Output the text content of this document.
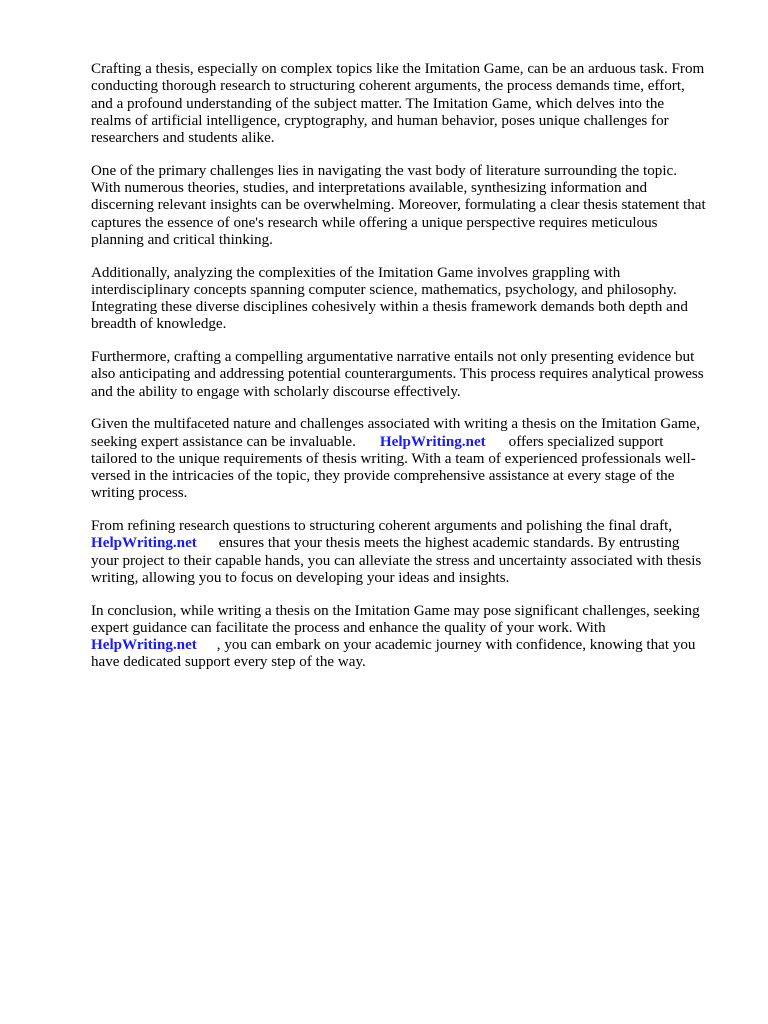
Crafting a thesis, especially on complex topics like the Imitation Game, can be an arduous task. From
conducting thorough research to structuring coherent arguments, the process demands time, effort,
and a profound understanding of the subject matter. The Imitation Game, which delves into the
realms of artificial intelligence, cryptography, and human behavior, poses unique challenges for
researchers and students alike.

One of the primary challenges lies in navigating the vast body of literature surrounding the topic.
With numerous theories, studies, and interpretations available, synthesizing information and
discerning relevant insights can be overwhelming. Moreover, formulating a clear thesis statement that
captures the essence of one's research while offering a unique perspective requires meticulous
planning and critical thinking.

Additionally, analyzing the complexities of the Imitation Game involves grappling with
interdisciplinary concepts spanning computer science, mathematics, psychology, and philosophy.
Integrating these diverse disciplines cohesively within a thesis framework demands both depth and
breadth of knowledge.

Furthermore, crafting a compelling argumentative narrative entails not only presenting evidence but
also anticipating and addressing potential counterarguments. This process requires analytical prowess
and the ability to engage with scholarly discourse effectively.

Given the multifaceted nature and challenges associated with writing a thesis on the Imitation Game,
seeking expert assistance can be invaluable. HelpWriting.net offers specialized support
tailored to the unique requirements of thesis writing. With a team of experienced professionals well-
versed in the intricacies of the topic, they provide comprehensive assistance at every stage of the
writing process.

From refining research questions to structuring coherent arguments and polishing the final draft,
HelpWriting.net ensures that your thesis meets the highest academic standards. By entrusting
your project to their capable hands, you can alleviate the stress and uncertainty associated with thesis
writing, allowing you to focus on developing your ideas and insights.

In conclusion, while writing a thesis on the Imitation Game may pose significant challenges, seeking
expert guidance can facilitate the process and enhance the quality of your work. With
HelpWriting.net , you can embark on your academic journey with confidence, knowing that you
have dedicated support every step of the way.
